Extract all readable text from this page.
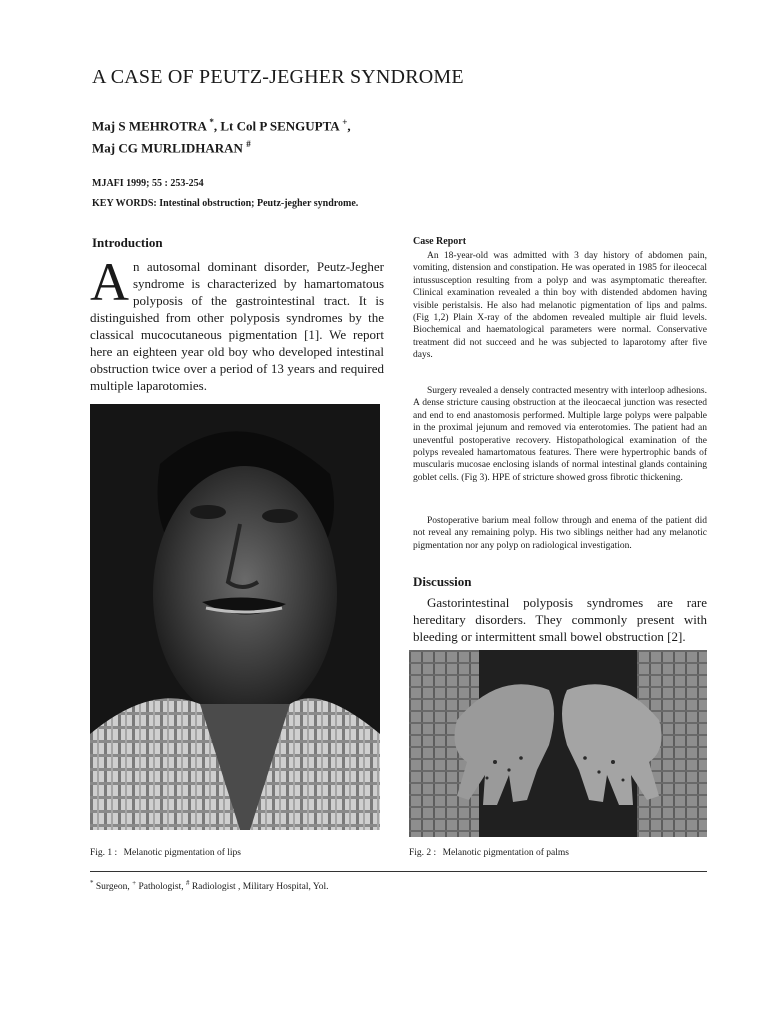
A CASE OF PEUTZ-JEGHER SYNDROME
Maj S MEHROTRA *, Lt Col P SENGUPTA +,
Maj CG MURLIDHARAN #
MJAFI 1999; 55 : 253-254
KEY WORDS: Intestinal obstruction; Peutz-jegher syndrome.
Introduction
An autosomal dominant disorder, Peutz-Jegher syndrome is characterized by hamartomatous polyposis of the gastrointestinal tract. It is distinguished from other polyposis syndromes by the classical mucocutaneous pigmentation [1]. We report here an eighteen year old boy who developed intestinal obstruction twice over a period of 13 years and required multiple laparotomies.
Fig. 1 : Melanotic pigmentation of lips
Case Report
An 18-year-old was admitted with 3 day history of abdomen pain, vomiting, distension and constipation. He was operated in 1985 for ileocecal intussusception resulting from a polyp and was asymptomatic thereafter. Clinical examination revealed a thin boy with distended abdomen having visible peristalsis. He also had melanotic pigmentation of lips and palms. (Fig 1,2) Plain X-ray of the abdomen revealed multiple air fluid levels. Biochemical and haematological parameters were normal. Conservative treatment did not succeed and he was subjected to laparotomy after five days.
Surgery revealed a densely contracted mesentry with interloop adhesions. A dense stricture causing obstruction at the ileocaecal junction was resected and end to end anastomosis performed. Multiple large polyps were palpable in the proximal jejunum and removed via enterotomies. The patient had an uneventful postoperative recovery. Histopathological examination of the polyps revealed hamartomatous features. There were hypertrophic bands of muscularis mucosae enclosing islands of normal intestinal glands containing goblet cells. (Fig 3). HPE of stricture showed gross fibrotic thickening.
Postoperative barium meal follow through and enema of the patient did not reveal any remaining polyp. His two siblings neither had any melanotic pigmentation nor any polyp on radiological investigation.
Discussion
Gastorintestinal polyposis syndromes are rare hereditary disorders. They commonly present with bleeding or intermittent small bowel obstruction [2].
Fig. 2 : Melanotic pigmentation of palms
* Surgeon, + Pathologist, # Radiologist , Military Hospital, Yol.
